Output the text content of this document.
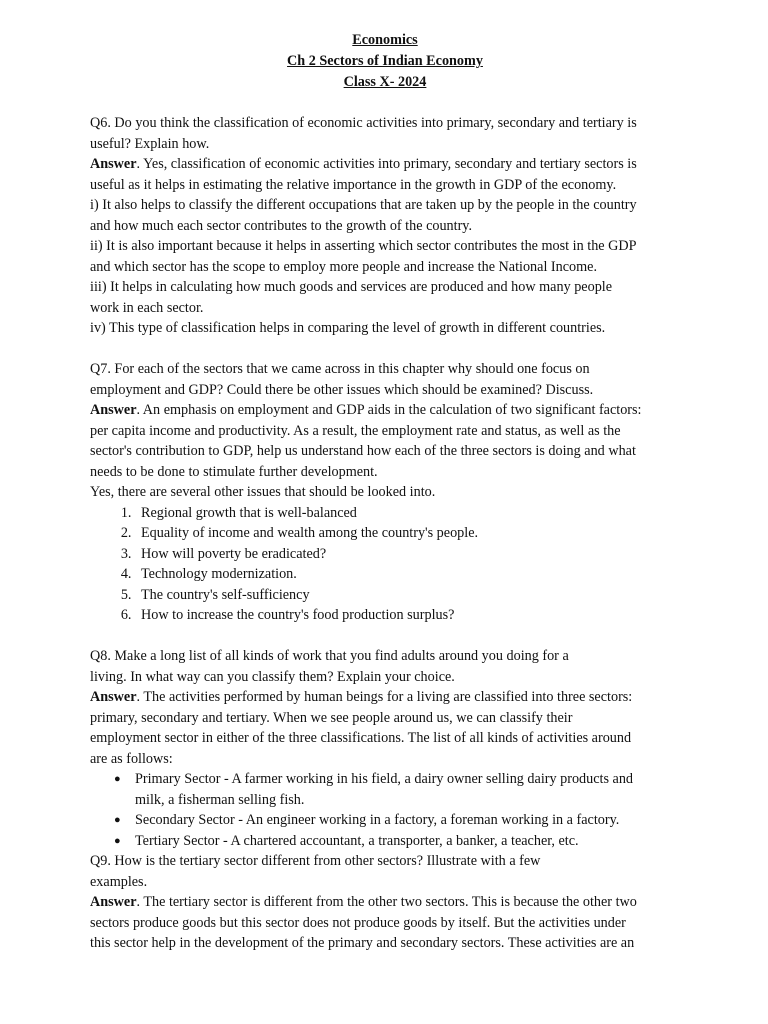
Economics
Ch 2 Sectors of Indian Economy
Class X- 2024
Q6. Do you think the classification of economic activities into primary, secondary and tertiary is
useful? Explain how.
Answer. Yes, classification of economic activities into primary, secondary and tertiary sectors is
useful as it helps in estimating the relative importance in the growth in GDP of the economy.
i) It also helps to classify the different occupations that are taken up by the people in the country
and how much each sector contributes to the growth of the country.
ii) It is also important because it helps in asserting which sector contributes the most in the GDP
and which sector has the scope to employ more people and increase the National Income.
iii) It helps in calculating how much goods and services are produced and how many people
work in each sector.
iv) This type of classification helps in comparing the level of growth in different countries.
Q7. For each of the sectors that we came across in this chapter why should one focus on
employment and GDP? Could there be other issues which should be examined? Discuss.
Answer. An emphasis on employment and GDP aids in the calculation of two significant factors:
per capita income and productivity. As a result, the employment rate and status, as well as the
sector's contribution to GDP, help us understand how each of the three sectors is doing and what
needs to be done to stimulate further development.
Yes, there are several other issues that should be looked into.
1. Regional growth that is well-balanced
2. Equality of income and wealth among the country's people.
3. How will poverty be eradicated?
4. Technology modernization.
5. The country's self-sufficiency
6. How to increase the country's food production surplus?
Q8. Make a long list of all kinds of work that you find adults around you doing for a
living. In what way can you classify them? Explain your choice.
Answer. The activities performed by human beings for a living are classified into three sectors:
primary, secondary and tertiary. When we see people around us, we can classify their
employment sector in either of the three classifications. The list of all kinds of activities around
are as follows:
● Primary Sector - A farmer working in his field, a dairy owner selling dairy products and
milk, a fisherman selling fish.
● Secondary Sector - An engineer working in a factory, a foreman working in a factory.
● Tertiary Sector - A chartered accountant, a transporter, a banker, a teacher, etc.
Q9. How is the tertiary sector different from other sectors? Illustrate with a few
examples.
Answer. The tertiary sector is different from the other two sectors. This is because the other two
sectors produce goods but this sector does not produce goods by itself. But the activities under
this sector help in the development of the primary and secondary sectors. These activities are an
